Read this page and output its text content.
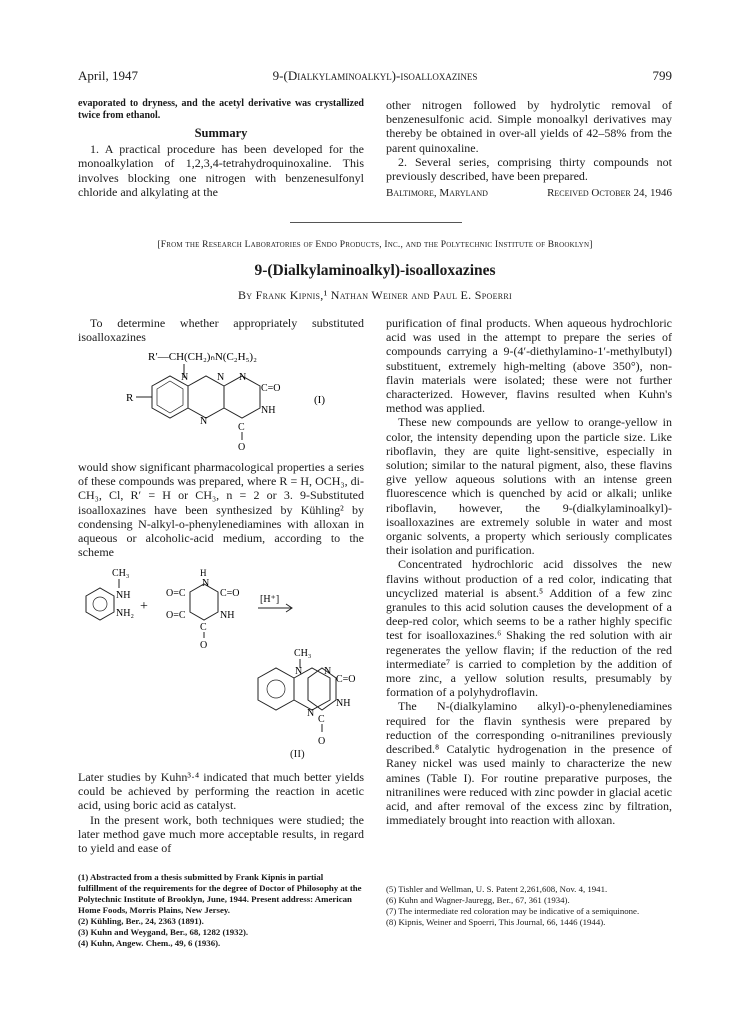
April, 1947	9-(Dialkylaminoalkyl)-isoalloxazines	799

evaporated to dryness, and the acetyl derivative was crystallized twice from ethanol.

Summary

1. A practical procedure has been developed for the monoalkylation of 1,2,3,4-tetrahydroquinoxaline. This involves blocking one nitrogen with benzenesulfonyl chloride and alkylating at the

other nitrogen followed by hydrolytic removal of benzenesulfonic acid. Simple monoalkyl derivatives may thereby be obtained in over-all yields of 42–58% from the parent quinoxaline.

2. Several series, comprising thirty compounds not previously described, have been prepared.

Baltimore, Maryland	Received October 24, 1946
[From the Research Laboratories of Endo Products, Inc., and the Polytechnic Institute of Brooklyn]
9-(Dialkylaminoalkyl)-isoalloxazines
By Frank Kipnis,¹ Nathan Weiner and Paul E. Spoerri

To determine whether appropriately substituted isoalloxazines

R′—CH(CH₂)ₙN(C₂H₅)₂
N	N
N
N
C=O
NH
C
O
R	(I)

would show significant pharmacological properties a series of these compounds was prepared, where R = H, OCH₃, di-CH₃, Cl, R′ = H or CH₃, n = 2 or 3. 9-Substituted isoalloxazines have been synthesized by Kühling² by condensing N-alkyl-o-phenylenediamines with alloxan in aqueous or alcoholic-acid medium, according to the scheme

CH₃
NH
NH₂ +
O=C
O=C
H
N
C=O
NH
C
O
[H⁺]
CH₃
N
N
N
C=O
NH
C
O
(II)

Later studies by Kuhn³·⁴ indicated that much better yields could be achieved by performing the reaction in acetic acid, using boric acid as catalyst.

In the present work, both techniques were studied; the later method gave much more acceptable results, in regard to yield and ease of

(1) Abstracted from a thesis submitted by Frank Kipnis in partial fulfillment of the requirements for the degree of Doctor of Philosophy at the Polytechnic Institute of Brooklyn, June, 1944. Present address: American Home Foods, Morris Plains, New Jersey.
(2) Kühling, Ber., 24, 2363 (1891).
(3) Kuhn and Weygand, Ber., 68, 1282 (1932).
(4) Kuhn, Angew. Chem., 49, 6 (1936).

purification of final products. When aqueous hydrochloric acid was used in the attempt to prepare the series of compounds carrying a 9-(4′-diethylamino-1′-methylbutyl) substituent, extremely high-melting (above 350°), non-flavin materials were isolated; these were not further characterized. However, flavins resulted when Kuhn's method was applied.

These new compounds are yellow to orange-yellow in color, the intensity depending upon the particle size. Like riboflavin, they are quite light-sensitive, especially in solution; similar to the natural pigment, also, these flavins give yellow aqueous solutions with an intense green fluorescence which is quenched by acid or alkali; unlike riboflavin, however, the 9-(dialkylaminoalkyl)-isoalloxazines are extremely soluble in water and most organic solvents, a property which seriously complicates their isolation and purification.

Concentrated hydrochloric acid dissolves the new flavins without production of a red color, indicating that uncyclized material is absent.⁵ Addition of a few zinc granules to this acid solution causes the development of a deep-red color, which seems to be a rather highly specific test for isoalloxazines.⁶ Shaking the red solution with air regenerates the yellow flavin; if the reduction of the red intermediate⁷ is carried to completion by the addition of more zinc, a yellow solution results, presumably by formation of a polyhydroflavin.

The N-(dialkylamino alkyl)-o-phenylenediamines required for the flavin synthesis were prepared by reduction of the corresponding o-nitranilines previously described.⁸ Catalytic hydrogenation in the presence of Raney nickel was used mainly to characterize the new amines (Table I). For routine preparative purposes, the nitranilines were reduced with zinc powder in glacial acetic acid, and after removal of the excess zinc by filtration, immediately brought into reaction with alloxan.

(5) Tishler and Wellman, U. S. Patent 2,261,608, Nov. 4, 1941.
(6) Kuhn and Wagner-Jauregg, Ber., 67, 361 (1934).
(7) The intermediate red coloration may be indicative of a semiquinone.
(8) Kipnis, Weiner and Spoerri, This Journal, 66, 1446 (1944).
